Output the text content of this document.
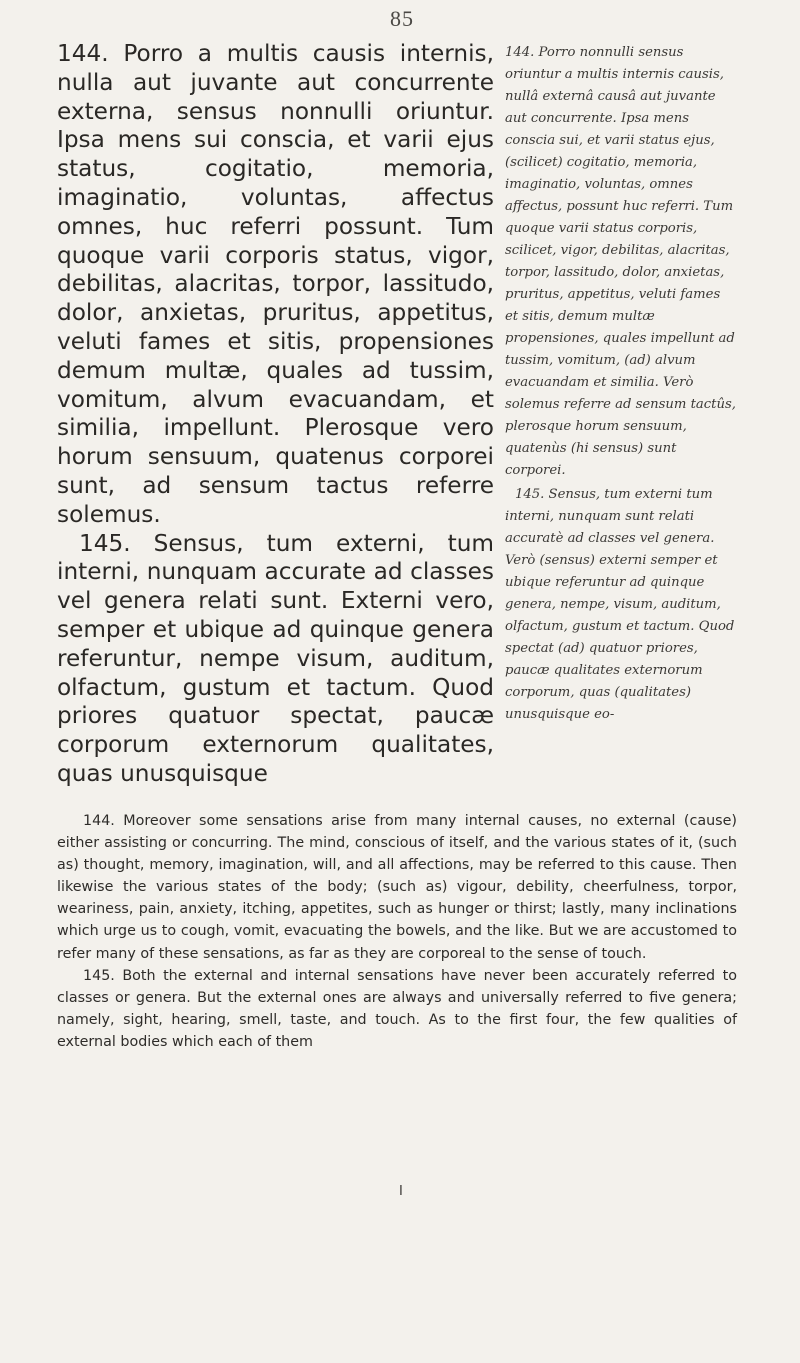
85

144. Porro a multis causis internis, nulla aut juvante aut concurrente externa, sensus nonnulli oriuntur. Ipsa mens sui conscia, et varii ejus status, cogitatio, memoria, imaginatio, voluntas, affectus omnes, huc referri possunt. Tum quoque varii corporis status, vigor, debilitas, alacritas, torpor, lassitudo, dolor, anxietas, pruritus, appetitus, veluti fames et sitis, propensiones demum multæ, quales ad tussim, vomitum, alvum evacuandam, et similia, impellunt. Plerosque vero horum sensuum, quatenus corporei sunt, ad sensum tactus referre solemus.

145. Sensus, tum externi, tum interni, nunquam accurate ad classes vel genera relati sunt. Externi vero, semper et ubique ad quinque genera referuntur, nempe visum, auditum, olfactum, gustum et tactum. Quod priores quatuor spectat, paucæ corporum externorum qualitates, quas unusquisque

144. Porro nonnulli sensus oriuntur a multis internis causis, nullâ externâ causâ aut juvante aut concurrente. Ipsa mens conscia sui, et varii status ejus, (scilicet) cogitatio, memoria, imaginatio, voluntas, omnes affectus, possunt huc referri. Tum quoque varii status corporis, scilicet, vigor, debilitas, alacritas, torpor, lassitudo, dolor, anxietas, pruritus, appetitus, veluti fames et sitis, demum multæ propensiones, quales impellunt ad tussim, vomitum, (ad) alvum evacuandam et similia. Verò solemus referre ad sensum tactûs, plerosque horum sensuum, quatenùs (hi sensus) sunt corporei.

145. Sensus, tum externi tum interni, nunquam sunt relati accuratè ad classes vel genera. Verò (sensus) externi semper et ubique referuntur ad quinque genera, nempe, visum, auditum, olfactum, gustum et tactum. Quod spectat (ad) quatuor priores, paucæ qualitates externorum corporum, quas (qualitates) unusquisque eo-

144. Moreover some sensations arise from many internal causes, no external (cause) either assisting or concurring. The mind, conscious of itself, and the various states of it, (such as) thought, memory, imagination, will, and all affections, may be referred to this cause. Then likewise the various states of the body; (such as) vigour, debility, cheerfulness, torpor, weariness, pain, anxiety, itching, appetites, such as hunger or thirst; lastly, many inclinations which urge us to cough, vomit, evacuating the bowels, and the like. But we are accustomed to refer many of these sensations, as far as they are corporeal to the sense of touch.

145. Both the external and internal sensations have never been accurately referred to classes or genera. But the external ones are always and universally referred to five genera; namely, sight, hearing, smell, taste, and touch. As to the first four, the few qualities of external bodies which each of them

I
